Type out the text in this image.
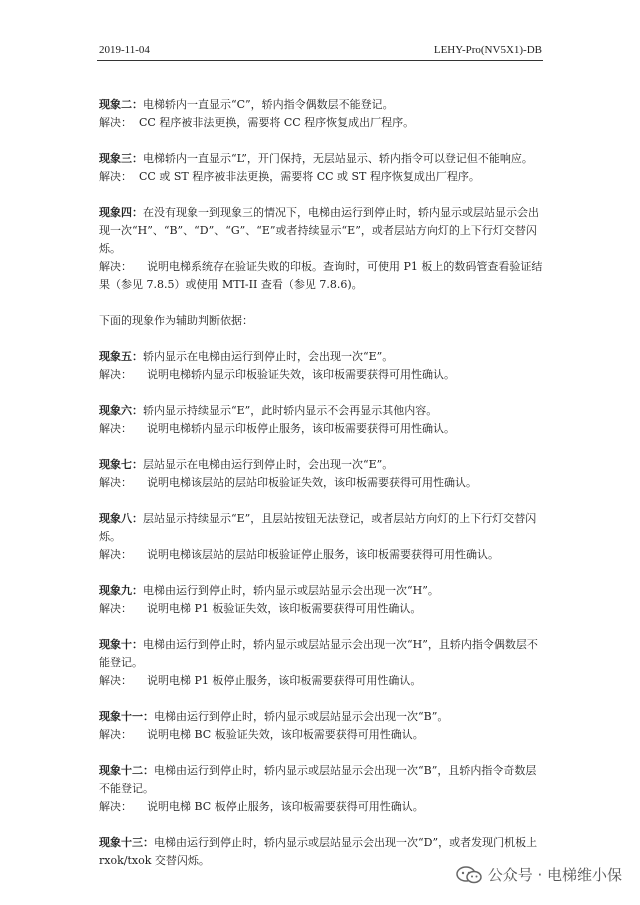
2019-11-04	LEHY-Pro(NV5X1)-DB
现象二：电梯轿内一直显示“C”，轿内指令偶数层不能登记。
解决： CC 程序被非法更换，需要将 CC 程序恢复成出厂程序。
现象三：电梯轿内一直显示“L”，开门保持，无层站显示、轿内指令可以登记但不能响应。
解决： CC 或 ST 程序被非法更换，需要将 CC 或 ST 程序恢复成出厂程序。
现象四：在没有现象一到现象三的情况下，电梯由运行到停止时，轿内显示或层站显示会出
现一次“H”、“B”、“D”、“G”、“E”或者持续显示“E”，或者层站方向灯的上下行灯交替闪
烁。
解决： 说明电梯系统存在验证失败的印板。查询时，可使用 P1 板上的数码管查看验证结
果（参见 7.8.5）或使用 MTI-II 查看（参见 7.8.6)。
下面的现象作为辅助判断依据：
现象五：轿内显示在电梯由运行到停止时，会出现一次“E”。
解决： 说明电梯轿内显示印板验证失效，该印板需要获得可用性确认。
现象六：轿内显示持续显示“E”，此时轿内显示不会再显示其他内容。
解决： 说明电梯轿内显示印板停止服务，该印板需要获得可用性确认。
现象七：层站显示在电梯由运行到停止时，会出现一次“E”。
解决： 说明电梯该层站的层站印板验证失效，该印板需要获得可用性确认。
现象八：层站显示持续显示“E”，且层站按钮无法登记，或者层站方向灯的上下行灯交替闪
烁。
解决： 说明电梯该层站的层站印板验证停止服务，该印板需要获得可用性确认。
现象九：电梯由运行到停止时，轿内显示或层站显示会出现一次“H”。
解决： 说明电梯 P1 板验证失效，该印板需要获得可用性确认。
现象十：电梯由运行到停止时，轿内显示或层站显示会出现一次“H”，且轿内指令偶数层不
能登记。
解决： 说明电梯 P1 板停止服务，该印板需要获得可用性确认。
现象十一：电梯由运行到停止时，轿内显示或层站显示会出现一次“B”。
解决： 说明电梯 BC 板验证失效，该印板需要获得可用性确认。
现象十二：电梯由运行到停止时，轿内显示或层站显示会出现一次“B”，且轿内指令奇数层
不能登记。
解决： 说明电梯 BC 板停止服务，该印板需要获得可用性确认。
现象十三：电梯由运行到停止时，轿内显示或层站显示会出现一次“D”，或者发现门机板上
rxok/txok 交替闪烁。
公众号 · 电梯维小保
